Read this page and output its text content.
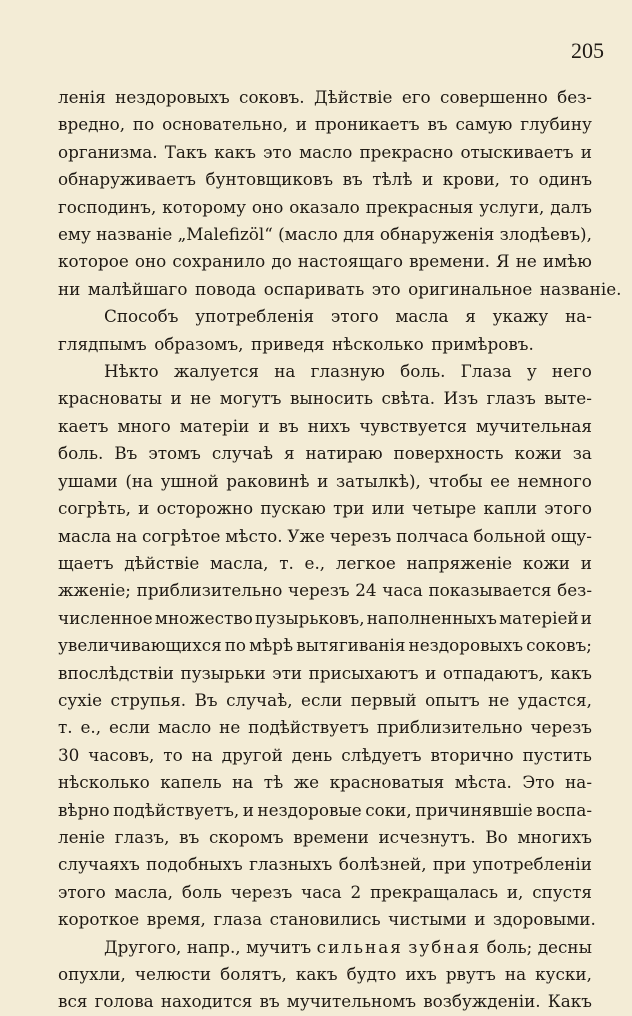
205
ленія нездоровыхъ соковъ. Дѣйствіе его совершенно без-
вредно, по основательно, и проникаетъ въ самую глубину
организма. Такъ какъ это масло прекрасно отыскиваетъ и
обнаруживаетъ бунтовщиковъ въ тѣлѣ и крови, то одинъ
господинъ, которому оно оказало прекрасныя услуги, далъ
ему названіе „Malefizöl“ (масло для обнаруженія злодѣевъ),
которое оно сохранило до настоящаго времени. Я не имѣю
ни малѣйшаго повода оспаривать это оригинальное названіе.
Способъ употребленія этого масла я укажу на-
глядпымъ образомъ, приведя нѣсколько примѣровъ.
Нѣкто жалуется на глазную боль. Глаза у него
красноваты и не могутъ выносить свѣта. Изъ глазъ выте-
каетъ много матеріи и въ нихъ чувствуется мучительная
боль. Въ этомъ случаѣ я натираю поверхность кожи за
ушами (на ушной раковинѣ и затылкѣ), чтобы ее немного
согрѣть, и осторожно пускаю три или четыре капли этого
масла на согрѣтое мѣсто. Уже черезъ полчаса больной ощу-
щаетъ дѣйствіе масла, т. е., легкое напряженіе кожи и
жженіе; приблизительно черезъ 24 часа показывается без-
численное множество пузырьковъ, наполненныхъ матеріей и
увеличивающихся по мѣрѣ вытягиванія нездоровыхъ соковъ;
впослѣдствіи пузырьки эти присыхаютъ и отпадаютъ, какъ
сухіе струпья. Въ случаѣ, если первый опытъ не удастся,
т. е., если масло не подѣйствуетъ приблизительно черезъ
30 часовъ, то на другой день слѣдуетъ вторично пустить
нѣсколько капель на тѣ же красноватыя мѣста. Это на-
вѣрно подѣйствуетъ, и нездоровые соки, причинявшіе воспа-
леніе глазъ, въ скоромъ времени исчезнутъ. Во многихъ
случаяхъ подобныхъ глазныхъ болѣзней, при употребленіи
этого масла, боль черезъ часа 2 прекращалась и, спустя
короткое время, глаза становились чистыми и здоровыми.
Другого, напр., мучитъ сильная зубная боль; десны
опухли, челюсти болятъ, какъ будто ихъ рвутъ на куски,
вся голова находится въ мучительномъ возбужденіи. Какъ
